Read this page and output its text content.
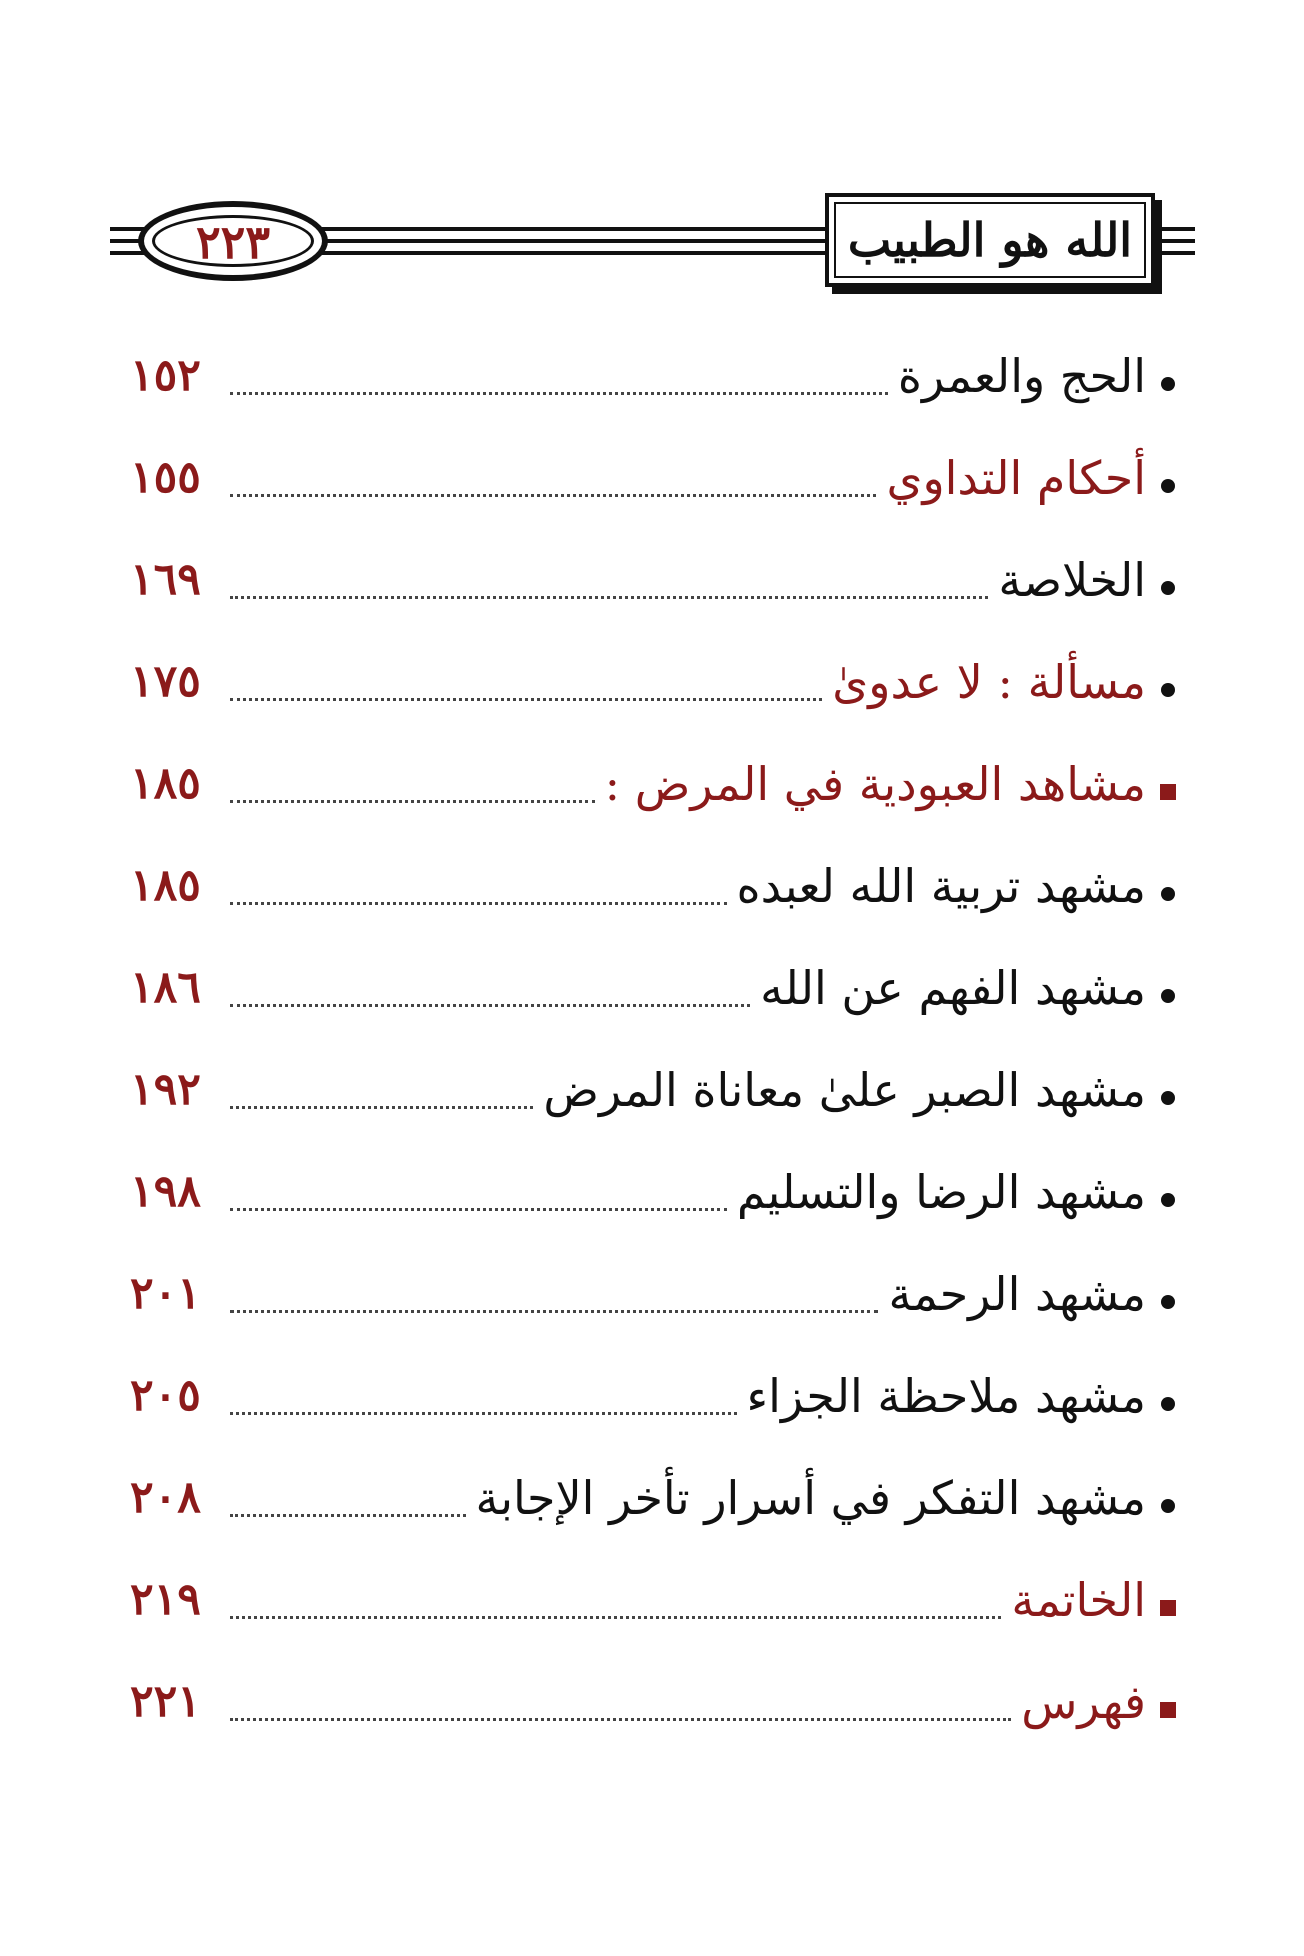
٢٢٣	الله هو الطبيب
الحج والعمرة
١٥٢
أحكام التداوي
١٥٥
الخلاصة
١٦٩
مسألة : لا عدوىٰ
١٧٥
مشاهد العبودية في المرض :
١٨٥
مشهد تربية الله لعبده
١٨٥
مشهد الفهم عن الله
١٨٦
مشهد الصبر علىٰ معاناة المرض
١٩٢
مشهد الرضا والتسليم
١٩٨
مشهد الرحمة
٢٠١
مشهد ملاحظة الجزاء
٢٠٥
مشهد التفكر في أسرار تأخر الإجابة
٢٠٨
الخاتمة
٢١٩
فهرس
٢٢١
